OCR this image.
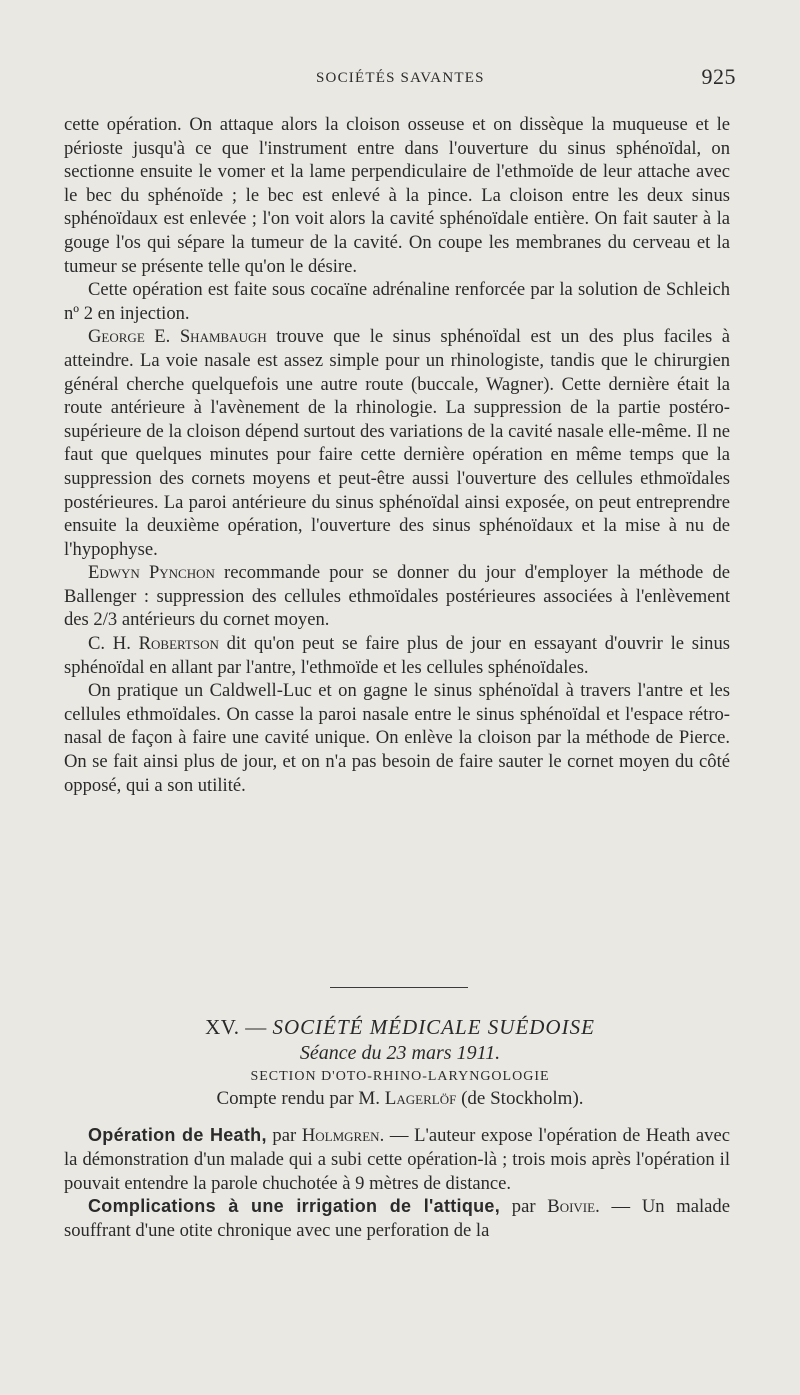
SOCIÉTÉS SAVANTES	925

cette opération. On attaque alors la cloison osseuse et on dissèque la muqueuse et le périoste jusqu'à ce que l'instrument entre dans l'ouverture du sinus sphénoïdal, on sectionne ensuite le vomer et la lame perpendiculaire de l'ethmoïde de leur attache avec le bec du sphénoïde ; le bec est enlevé à la pince. La cloison entre les deux sinus sphénoïdaux est enlevée ; l'on voit alors la cavité sphénoïdale entière. On fait sauter à la gouge l'os qui sépare la tumeur de la cavité. On coupe les membranes du cerveau et la tumeur se présente telle qu'on le désire.

Cette opération est faite sous cocaïne adrénaline renforcée par la solution de Schleich nº 2 en injection.

George E. Shambaugh trouve que le sinus sphénoïdal est un des plus faciles à atteindre. La voie nasale est assez simple pour un rhinologiste, tandis que le chirurgien général cherche quelquefois une autre route (buccale, Wagner). Cette dernière était la route antérieure à l'avènement de la rhinologie. La suppression de la partie postéro-supérieure de la cloison dépend surtout des variations de la cavité nasale elle-même. Il ne faut que quelques minutes pour faire cette dernière opération en même temps que la suppression des cornets moyens et peut-être aussi l'ouverture des cellules ethmoïdales postérieures. La paroi antérieure du sinus sphénoïdal ainsi exposée, on peut entreprendre ensuite la deuxième opération, l'ouverture des sinus sphénoïdaux et la mise à nu de l'hypophyse.

Edwyn Pynchon recommande pour se donner du jour d'employer la méthode de Ballenger : suppression des cellules ethmoïdales postérieures associées à l'enlèvement des 2/3 antérieurs du cornet moyen.

C. H. Robertson dit qu'on peut se faire plus de jour en essayant d'ouvrir le sinus sphénoïdal en allant par l'antre, l'ethmoïde et les cellules sphénoïdales.

On pratique un Caldwell-Luc et on gagne le sinus sphénoïdal à travers l'antre et les cellules ethmoïdales. On casse la paroi nasale entre le sinus sphénoïdal et l'espace rétro-nasal de façon à faire une cavité unique. On enlève la cloison par la méthode de Pierce. On se fait ainsi plus de jour, et on n'a pas besoin de faire sauter le cornet moyen du côté opposé, qui a son utilité.

XV. — SOCIÉTÉ MÉDICALE SUÉDOISE
Séance du 23 mars 1911.
SECTION D'OTO-RHINO-LARYNGOLOGIE
Compte rendu par M. Lagerlöf (de Stockholm).

Opération de Heath, par Holmgren. — L'auteur expose l'opération de Heath avec la démonstration d'un malade qui a subi cette opération-là ; trois mois après l'opération il pouvait entendre la parole chuchotée à 9 mètres de distance.

Complications à une irrigation de l'attique, par Boivie. — Un malade souffrant d'une otite chronique avec une perforation de la
